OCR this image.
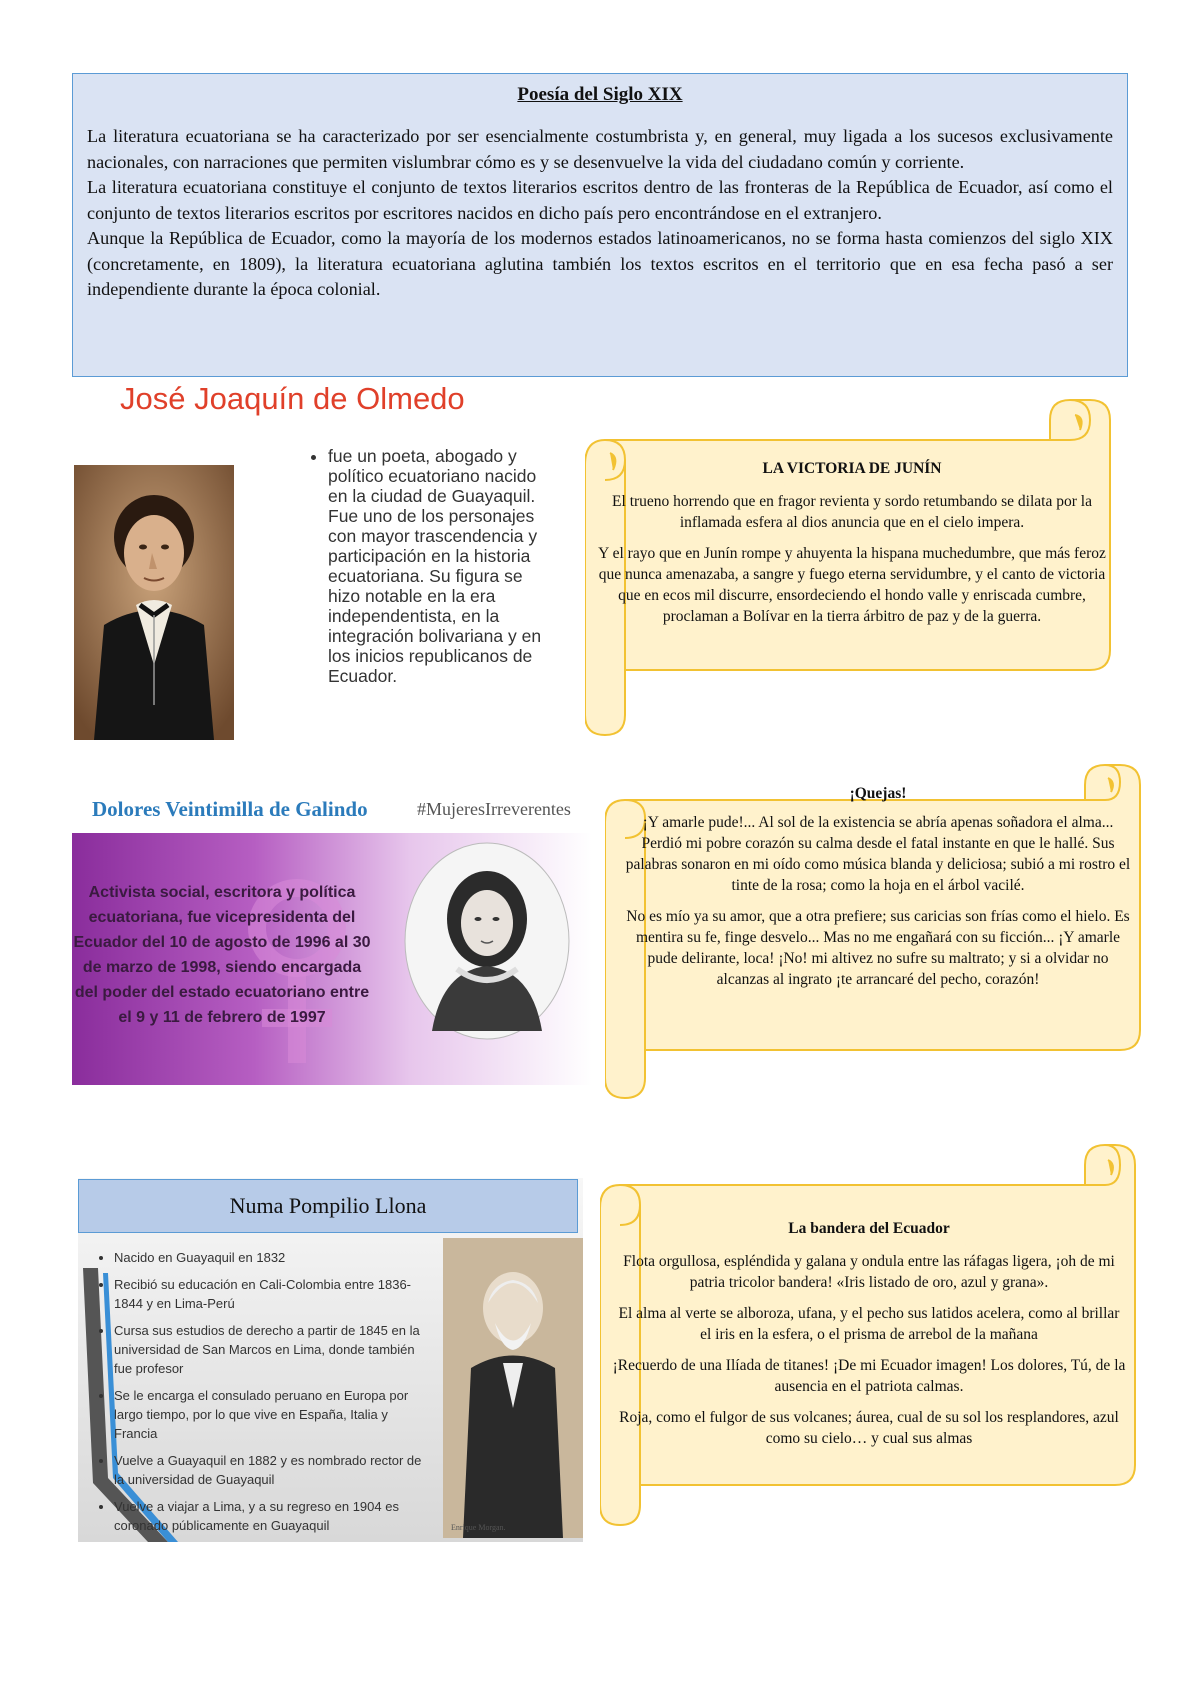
Poesía del Siglo XIX

La literatura ecuatoriana se ha caracterizado por ser esencialmente costumbrista y, en general, muy ligada a los sucesos exclusivamente nacionales, con narraciones que permiten vislumbrar cómo es y se desenvuelve la vida del ciudadano común y corriente.

La literatura ecuatoriana constituye el conjunto de textos literarios escritos dentro de las fronteras de la República de Ecuador, así como el conjunto de textos literarios escritos por escritores nacidos en dicho país pero encontrándose en el extranjero.

Aunque la República de Ecuador, como la mayoría de los modernos estados latinoamericanos, no se forma hasta comienzos del siglo XIX (concretamente, en 1809), la literatura ecuatoriana aglutina también los textos escritos en el territorio que en esa fecha pasó a ser independiente durante la época colonial.

José Joaquín de Olmedo
• fue un poeta, abogado y político ecuatoriano nacido en la ciudad de Guayaquil. Fue uno de los personajes con mayor trascendencia y participación en la historia ecuatoriana. Su figura se hizo notable en la era independentista, en la integración bolivariana y en los inicios republicanos de Ecuador.
LA VICTORIA DE JUNÍN

El trueno horrendo que en fragor revienta y sordo retumbando se dilata por la inflamada esfera al dios anuncia que en el cielo impera.

Y el rayo que en Junín rompe y ahuyenta la hispana muchedumbre, que más feroz que nunca amenazaba, a sangre y fuego eterna servidumbre, y el canto de victoria que en ecos mil discurre, ensordeciendo el hondo valle y enriscada cumbre, proclaman a Bolívar en la tierra árbitro de paz y de la guerra.

Dolores Veintimilla de Galindo	#MujeresIrreverentes
Activista social, escritora y política ecuatoriana, fue vicepresidenta del Ecuador del 10 de agosto de 1996 al 30 de marzo de 1998, siendo encargada del poder del estado ecuatoriano entre el 9 y 11 de febrero de 1997
¡Quejas!

¡Y amarle pude!... Al sol de la existencia se abría apenas soñadora el alma... Perdió mi pobre corazón su calma desde el fatal instante en que le hallé. Sus palabras sonaron en mi oído como música blanda y deliciosa; subió a mi rostro el tinte de la rosa; como la hoja en el árbol vacilé.

No es mío ya su amor, que a otra prefiere; sus caricias son frías como el hielo. Es mentira su fe, finge desvelo... Mas no me engañará con su ficción... ¡Y amarle pude delirante, loca! ¡No! mi altivez no sufre su maltrato; y si a olvidar no alcanzas al ingrato ¡te arrancaré del pecho, corazón!

Enrique Morgan.
Numa Pompilio Llona
• Nacido en Guayaquil en 1832
• Recibió su educación en Cali-Colombia entre 1836-1844 y en Lima-Perú
• Cursa sus estudios de derecho a partir de 1845 en la universidad de San Marcos en Lima, donde también fue profesor
• Se le encarga el consulado peruano en Europa por largo tiempo, por lo que vive en España, Italia y Francia
• Vuelve a Guayaquil en 1882 y es nombrado rector de la universidad de Guayaquil
• Vuelve a viajar a Lima, y a su regreso en 1904 es coronado públicamente en Guayaquil
La bandera del Ecuador

Flota orgullosa, espléndida y galana y ondula entre las ráfagas ligera, ¡oh de mi patria tricolor bandera! «Iris listado de oro, azul y grana».

El alma al verte se alboroza, ufana, y el pecho sus latidos acelera, como al brillar el iris en la esfera, o el prisma de arrebol de la mañana

¡Recuerdo de una Ilíada de titanes! ¡De mi Ecuador imagen! Los dolores, Tú, de la ausencia en el patriota calmas.

Roja, como el fulgor de sus volcanes; áurea, cual de su sol los resplandores, azul como su cielo… y cual sus almas
